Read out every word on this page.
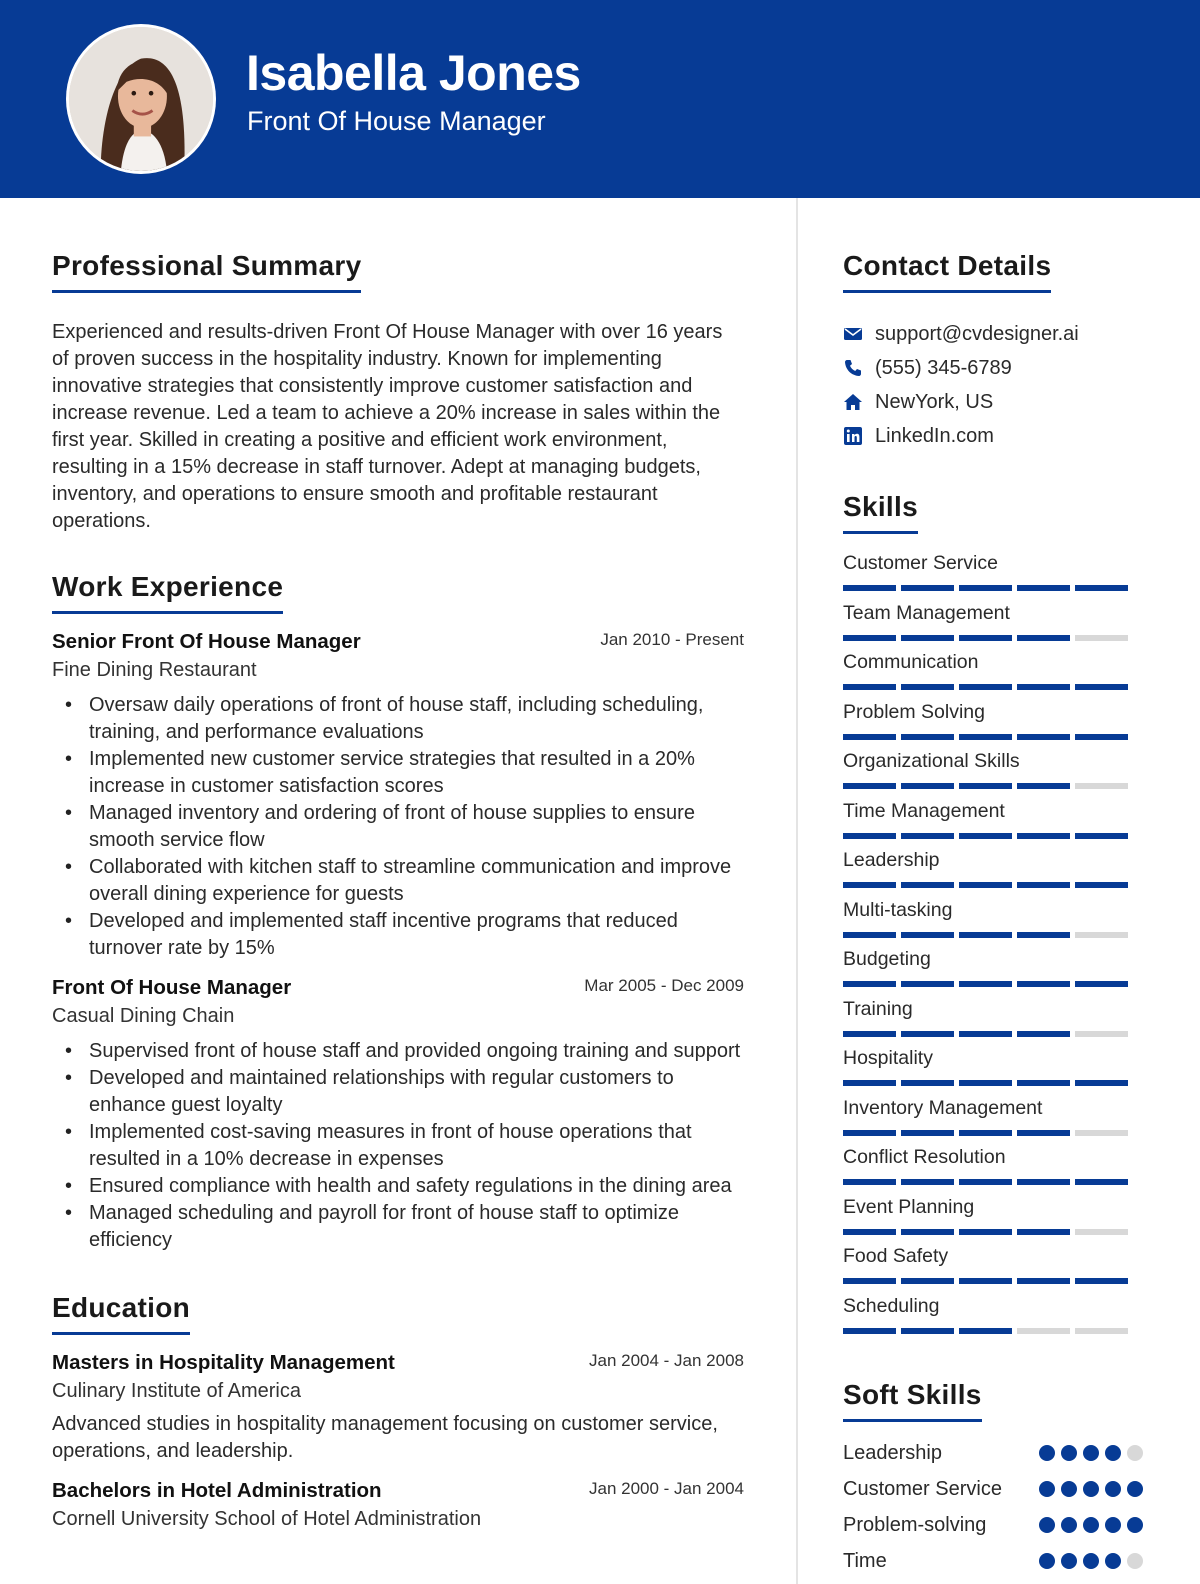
Isabella Jones
Front Of House Manager
Professional Summary

Experienced and results-driven Front Of House Manager with over 16 years of proven success in the hospitality industry. Known for implementing innovative strategies that consistently improve customer satisfaction and increase revenue. Led a team to achieve a 20% increase in sales within the first year. Skilled in creating a positive and efficient work environment, resulting in a 15% decrease in staff turnover. Adept at managing budgets, inventory, and operations to ensure smooth and profitable restaurant operations.

Work Experience
Senior Front Of House Manager	Jan 2010 - Present
Fine Dining Restaurant
• Oversaw daily operations of front of house staff, including scheduling, training, and performance evaluations
• Implemented new customer service strategies that resulted in a 20% increase in customer satisfaction scores
• Managed inventory and ordering of front of house supplies to ensure smooth service flow
• Collaborated with kitchen staff to streamline communication and improve overall dining experience for guests
• Developed and implemented staff incentive programs that reduced turnover rate by 15%
Front Of House Manager	Mar 2005 - Dec 2009
Casual Dining Chain
• Supervised front of house staff and provided ongoing training and support
• Developed and maintained relationships with regular customers to enhance guest loyalty
• Implemented cost-saving measures in front of house operations that resulted in a 10% decrease in expenses
• Ensured compliance with health and safety regulations in the dining area
• Managed scheduling and payroll for front of house staff to optimize efficiency
Education
Masters in Hospitality Management	Jan 2004 - Jan 2008
Culinary Institute of America

Advanced studies in hospitality management focusing on customer service, operations, and leadership.

Bachelors in Hotel Administration	Jan 2000 - Jan 2004
Cornell University School of Hotel Administration
Contact Details
support@cvdesigner.ai
(555) 345-6789
NewYork, US
LinkedIn.com
Skills
Customer Service
Team Management
Communication
Problem Solving
Organizational Skills
Time Management
Leadership
Multi-tasking
Budgeting
Training
Hospitality
Inventory Management
Conflict Resolution
Event Planning
Food Safety
Scheduling
Soft Skills
Leadership
Customer Service
Problem-solving
Time
